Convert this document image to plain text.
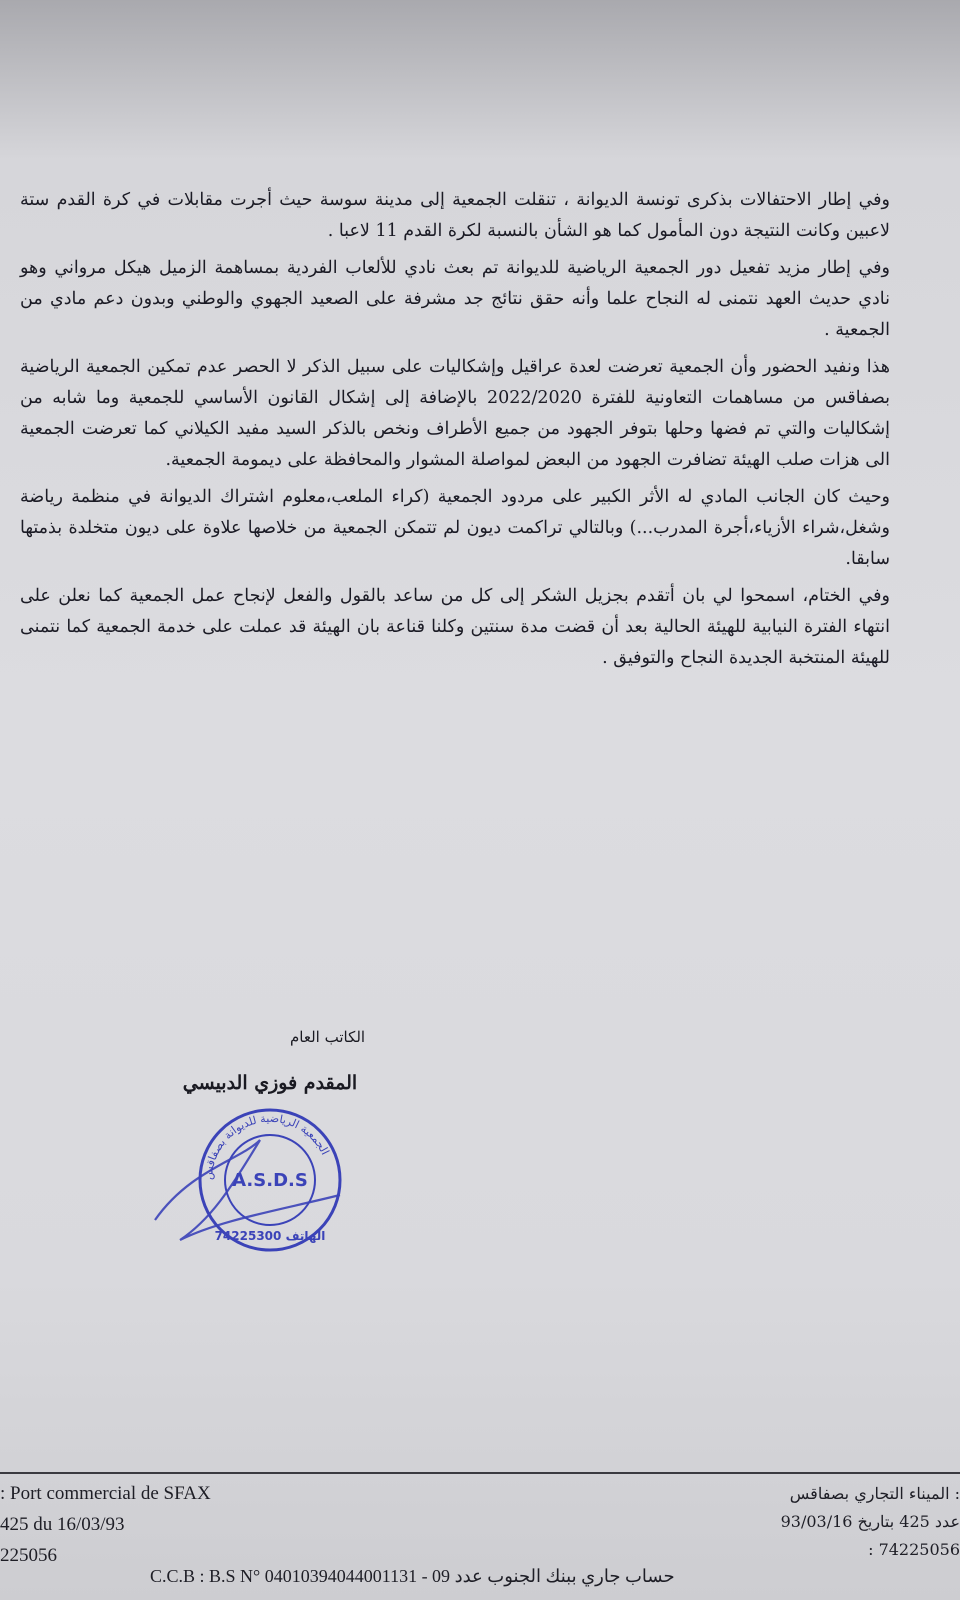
وفي إطار الاحتفالات بذكرى تونسة الديوانة ، تنقلت الجمعية إلى مدينة سوسة حيث أجرت مقابلات في كرة القدم ستة لاعبين وكانت النتيجة دون المأمول كما هو الشأن بالنسبة لكرة القدم 11 لاعبا .

وفي إطار مزيد تفعيل دور الجمعية الرياضية للديوانة تم بعث نادي للألعاب الفردية بمساهمة الزميل هيكل مرواني وهو نادي حديث العهد نتمنى له النجاح علما وأنه حقق نتائج جد مشرفة على الصعيد الجهوي والوطني وبدون دعم مادي من الجمعية .

هذا ونفيد الحضور وأن الجمعية تعرضت لعدة عراقيل وإشكاليات على سبيل الذكر لا الحصر عدم تمكين الجمعية الرياضية بصفاقس من مساهمات التعاونية للفترة 2022/2020 بالإضافة إلى إشكال القانون الأساسي للجمعية وما شابه من إشكاليات والتي تم فضها وحلها بتوفر الجهود من جميع الأطراف ونخص بالذكر السيد مفيد الكيلاني كما تعرضت الجمعية الى هزات صلب الهيئة تضافرت الجهود من البعض لمواصلة المشوار والمحافظة على ديمومة الجمعية.

وحيث كان الجانب المادي له الأثر الكبير على مردود الجمعية (كراء الملعب،معلوم اشتراك الديوانة في منظمة رياضة وشغل،شراء الأزياء،أجرة المدرب...) وبالتالي تراكمت ديون لم تتمكن الجمعية من خلاصها علاوة على ديون متخلدة بذمتها سابقا.

وفي الختام، اسمحوا لي بان أتقدم بجزيل الشكر إلى كل من ساعد بالقول والفعل لإنجاح عمل الجمعية كما نعلن على انتهاء الفترة النيابية للهيئة الحالية بعد أن قضت مدة سنتين وكلنا قناعة بان الهيئة قد عملت على خدمة الجمعية كما نتمنى للهيئة المنتخبة الجديدة النجاح والتوفيق .

الكاتب العام
المقدم فوزي الدبيسي
الجمعية الرياضية للديوانة بصفاقس
A.S.D.S
74225300 الهاتف
: Port commercial de SFAX
425 du 16/03/93
225056
: الميناء التجاري بصفاقس
عدد 425 بتاريخ 93/03/16
74225056 :
C.C.B : B.S N° 04010394044001131 - 09 حساب جاري ببنك الجنوب عدد
